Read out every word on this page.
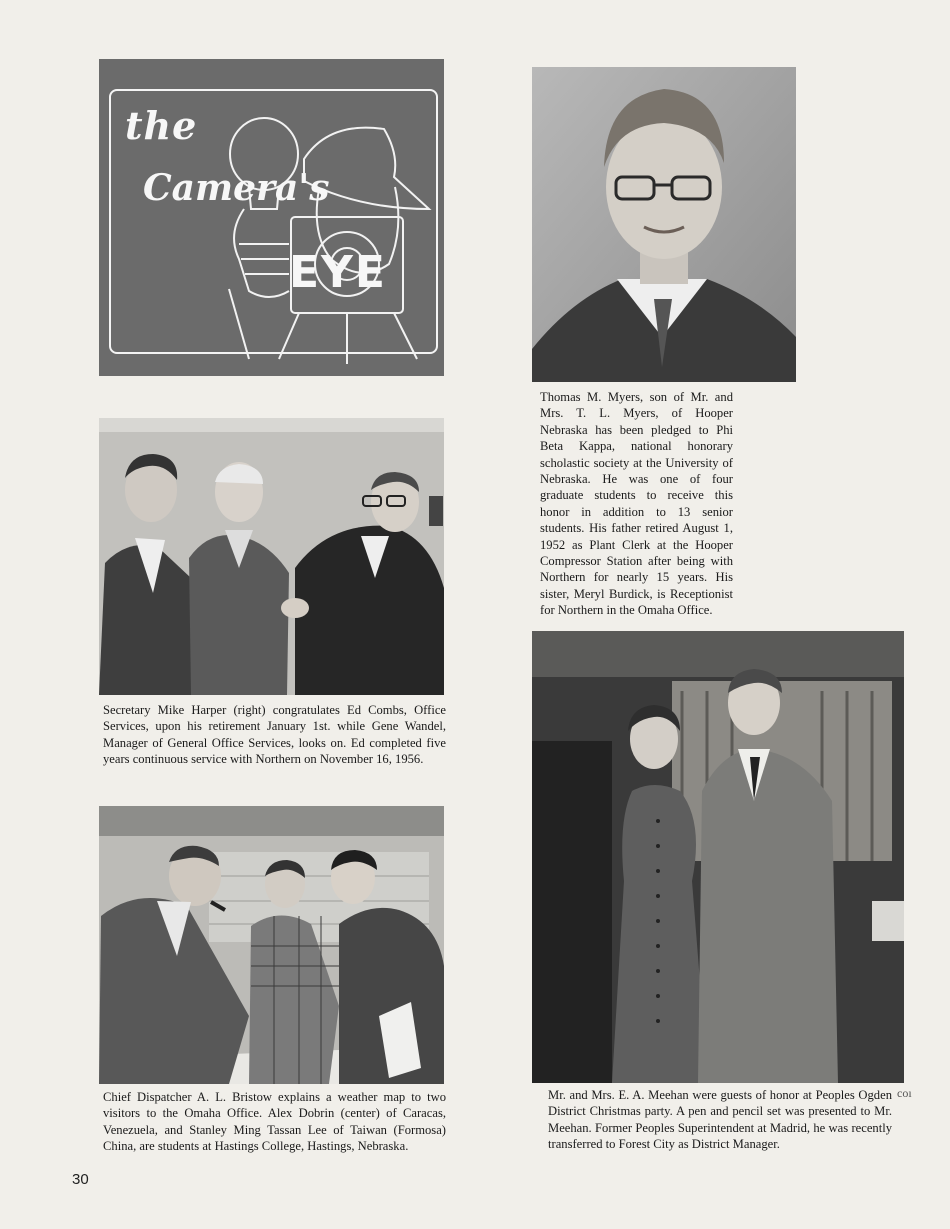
the
Camera's
EYE
Thomas M. Myers, son of Mr. and Mrs. T. L. Myers, of Hooper Nebraska has been pledged to Phi Beta Kappa, national honorary scholastic society at the University of Nebraska. He was one of four graduate students to receive this honor in addition to 13 senior students. His father retired August 1, 1952 as Plant Clerk at the Hooper Compressor Station after being with Northern for nearly 15 years. His sister, Meryl Burdick, is Receptionist for Northern in the Omaha Office.
Secretary Mike Harper (right) congratulates Ed Combs, Office Services, upon his retirement January 1st. while Gene Wandel, Manager of General Office Services, looks on. Ed completed five years continuous service with Northern on November 16, 1956.
Chief Dispatcher A. L. Bristow explains a weather map to two visitors to the Omaha Office. Alex Dobrin (center) of Caracas, Venezuela, and Stanley Ming Tassan Lee of Taiwan (Formosa) China, are students at Hastings College, Hastings, Nebraska.
Mr. and Mrs. E. A. Meehan were guests of honor at Peoples Ogden District Christmas party. A pen and pencil set was presented to Mr. Meehan. Former Peoples Superintendent at Madrid, he was recently transferred to Forest City as District Manager.
coı
30
